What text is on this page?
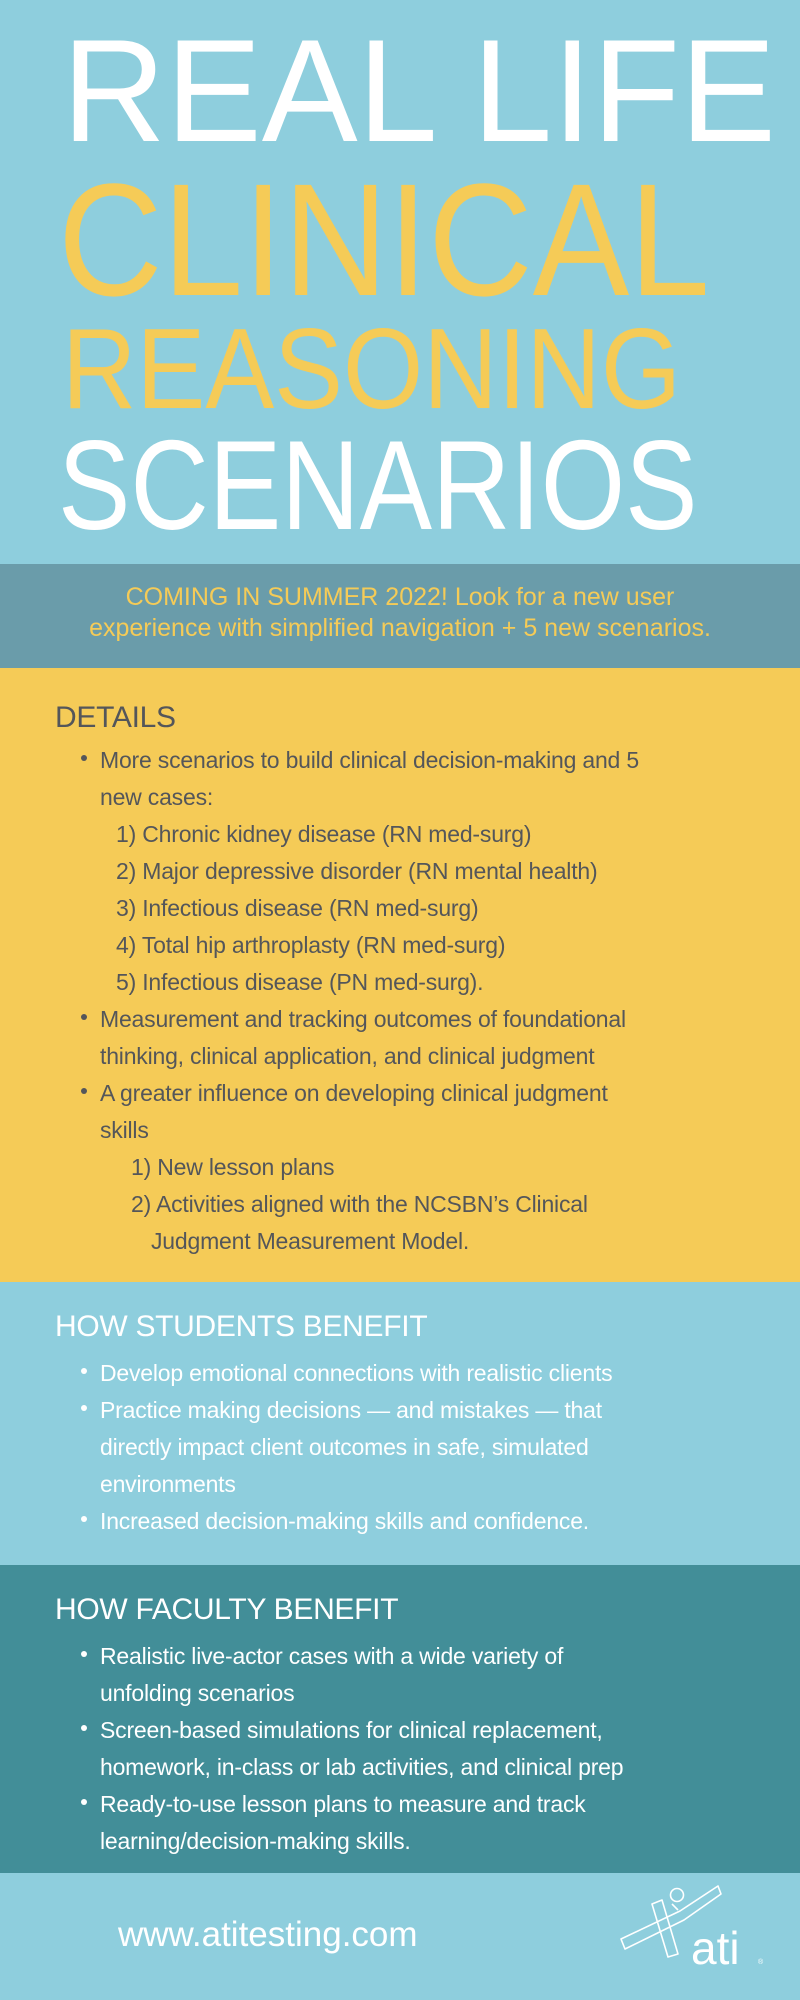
REAL LIFE
CLINICAL
REASONING
SCENARIOS
COMING IN SUMMER 2022! Look for a new user
experience with simplified navigation + 5 new scenarios.
DETAILS
More scenarios to build clinical decision-making and 5
new cases:
1) Chronic kidney disease (RN med-surg)
2) Major depressive disorder (RN mental health)
3) Infectious disease (RN med-surg)
4) Total hip arthroplasty (RN med-surg)
5) Infectious disease (PN med-surg).
Measurement and tracking outcomes of foundational
thinking, clinical application, and clinical judgment
A greater influence on developing clinical judgment
skills
1) New lesson plans
2) Activities aligned with the NCSBN’s Clinical
Judgment Measurement Model.
HOW STUDENTS BENEFIT
Develop emotional connections with realistic clients
Practice making decisions — and mistakes — that
directly impact client outcomes in safe, simulated
environments
Increased decision-making skills and confidence.
HOW FACULTY BENEFIT
Realistic live-actor cases with a wide variety of
unfolding scenarios
Screen-based simulations for clinical replacement,
homework, in-class or lab activities, and clinical prep
Ready-to-use lesson plans to measure and track
learning/decision-making skills.
www.atitesting.com	ati	®
